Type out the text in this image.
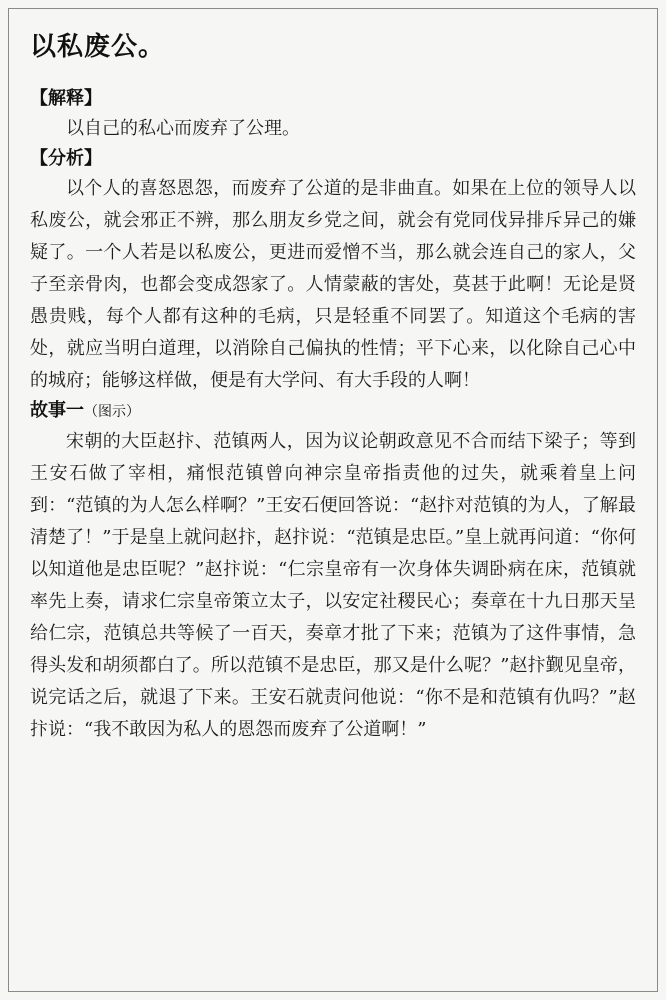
以私废公。
【解释】

以自己的私心而废弃了公理。

【分析】

以个人的喜怒恩怨，而废弃了公道的是非曲直。如果在上位的领导人以私废公，就会邪正不辨，那么朋友乡党之间，就会有党同伐异排斥异己的嫌疑了。一个人若是以私废公，更进而爱憎不当，那么就会连自己的家人，父子至亲骨肉，也都会变成怨家了。人情蒙蔽的害处，莫甚于此啊！无论是贤愚贵贱，每个人都有这种的毛病，只是轻重不同罢了。知道这个毛病的害处，就应当明白道理，以消除自己偏执的性情；平下心来，以化除自己心中的城府；能够这样做，便是有大学问、有大手段的人啊！

故事一（图示）

宋朝的大臣赵抃、范镇两人，因为议论朝政意见不合而结下梁子；等到王安石做了宰相，痛恨范镇曾向神宗皇帝指责他的过失，就乘着皇上问到：“范镇的为人怎么样啊？”王安石便回答说：“赵抃对范镇的为人，了解最清楚了！”于是皇上就问赵抃，赵抃说：“范镇是忠臣。”皇上就再问道：“你何以知道他是忠臣呢？”赵抃说：“仁宗皇帝有一次身体失调卧病在床，范镇就率先上奏，请求仁宗皇帝策立太子，以安定社稷民心；奏章在十九日那天呈给仁宗，范镇总共等候了一百天，奏章才批了下来；范镇为了这件事情，急得头发和胡须都白了。所以范镇不是忠臣，那又是什么呢？”赵抃觐见皇帝，说完话之后，就退了下来。王安石就责问他说：“你不是和范镇有仇吗？”赵抃说：“我不敢因为私人的恩怨而废弃了公道啊！”
